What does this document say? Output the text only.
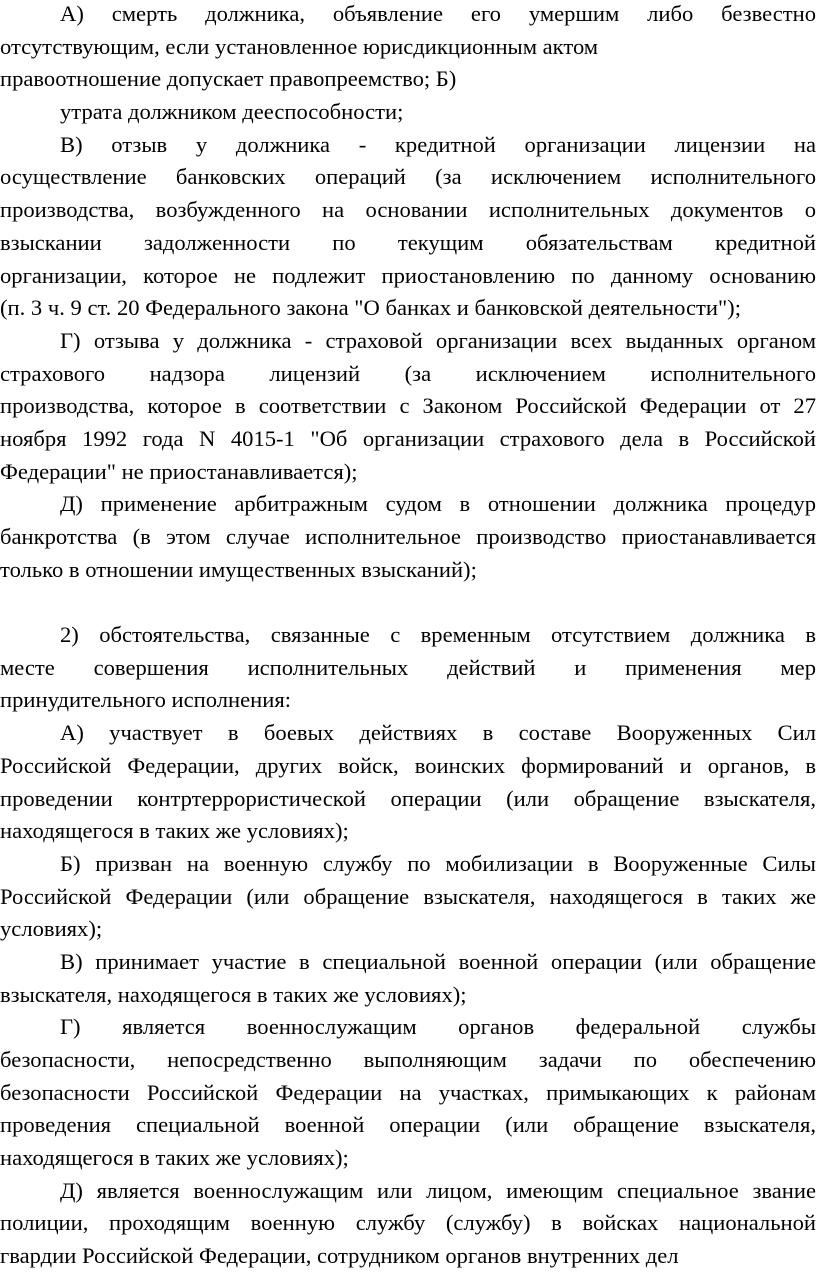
А) смерть должника, объявление его умершим либо безвестно
отсутствующим, если установленное юрисдикционным актом
правоотношение допускает правопреемство; Б)
утрата должником дееспособности;
В) отзыв у должника - кредитной организации лицензии на
осуществление банковских операций (за исключением исполнительного
производства, возбужденного на основании исполнительных документов о
взыскании задолженности по текущим обязательствам кредитной
организации, которое не подлежит приостановлению по данному основанию
(п. 3 ч. 9 ст. 20 Федерального закона "О банках и банковской деятельности");
Г) отзыва у должника - страховой организации всех выданных органом
страхового надзора лицензий (за исключением исполнительного
производства, которое в соответствии с Законом Российской Федерации от 27
ноября 1992 года N 4015-1 "Об организации страхового дела в Российской
Федерации" не приостанавливается);
Д) применение арбитражным судом в отношении должника процедур
банкротства (в этом случае исполнительное производство приостанавливается
только в отношении имущественных взысканий);
2) обстоятельства, связанные с временным отсутствием должника в
месте совершения исполнительных действий и применения мер
принудительного исполнения:
А) участвует в боевых действиях в составе Вооруженных Сил
Российской Федерации, других войск, воинских формирований и органов, в
проведении контртеррористической операции (или обращение взыскателя,
находящегося в таких же условиях);
Б) призван на военную службу по мобилизации в Вооруженные Силы
Российской Федерации (или обращение взыскателя, находящегося в таких же
условиях);
В) принимает участие в специальной военной операции (или обращение
взыскателя, находящегося в таких же условиях);
Г) является военнослужащим органов федеральной службы
безопасности, непосредственно выполняющим задачи по обеспечению
безопасности Российской Федерации на участках, примыкающих к районам
проведения специальной военной операции (или обращение взыскателя,
находящегося в таких же условиях);
Д) является военнослужащим или лицом, имеющим специальное звание
полиции, проходящим военную службу (службу) в войсках национальной
гвардии Российской Федерации, сотрудником органов внутренних дел
